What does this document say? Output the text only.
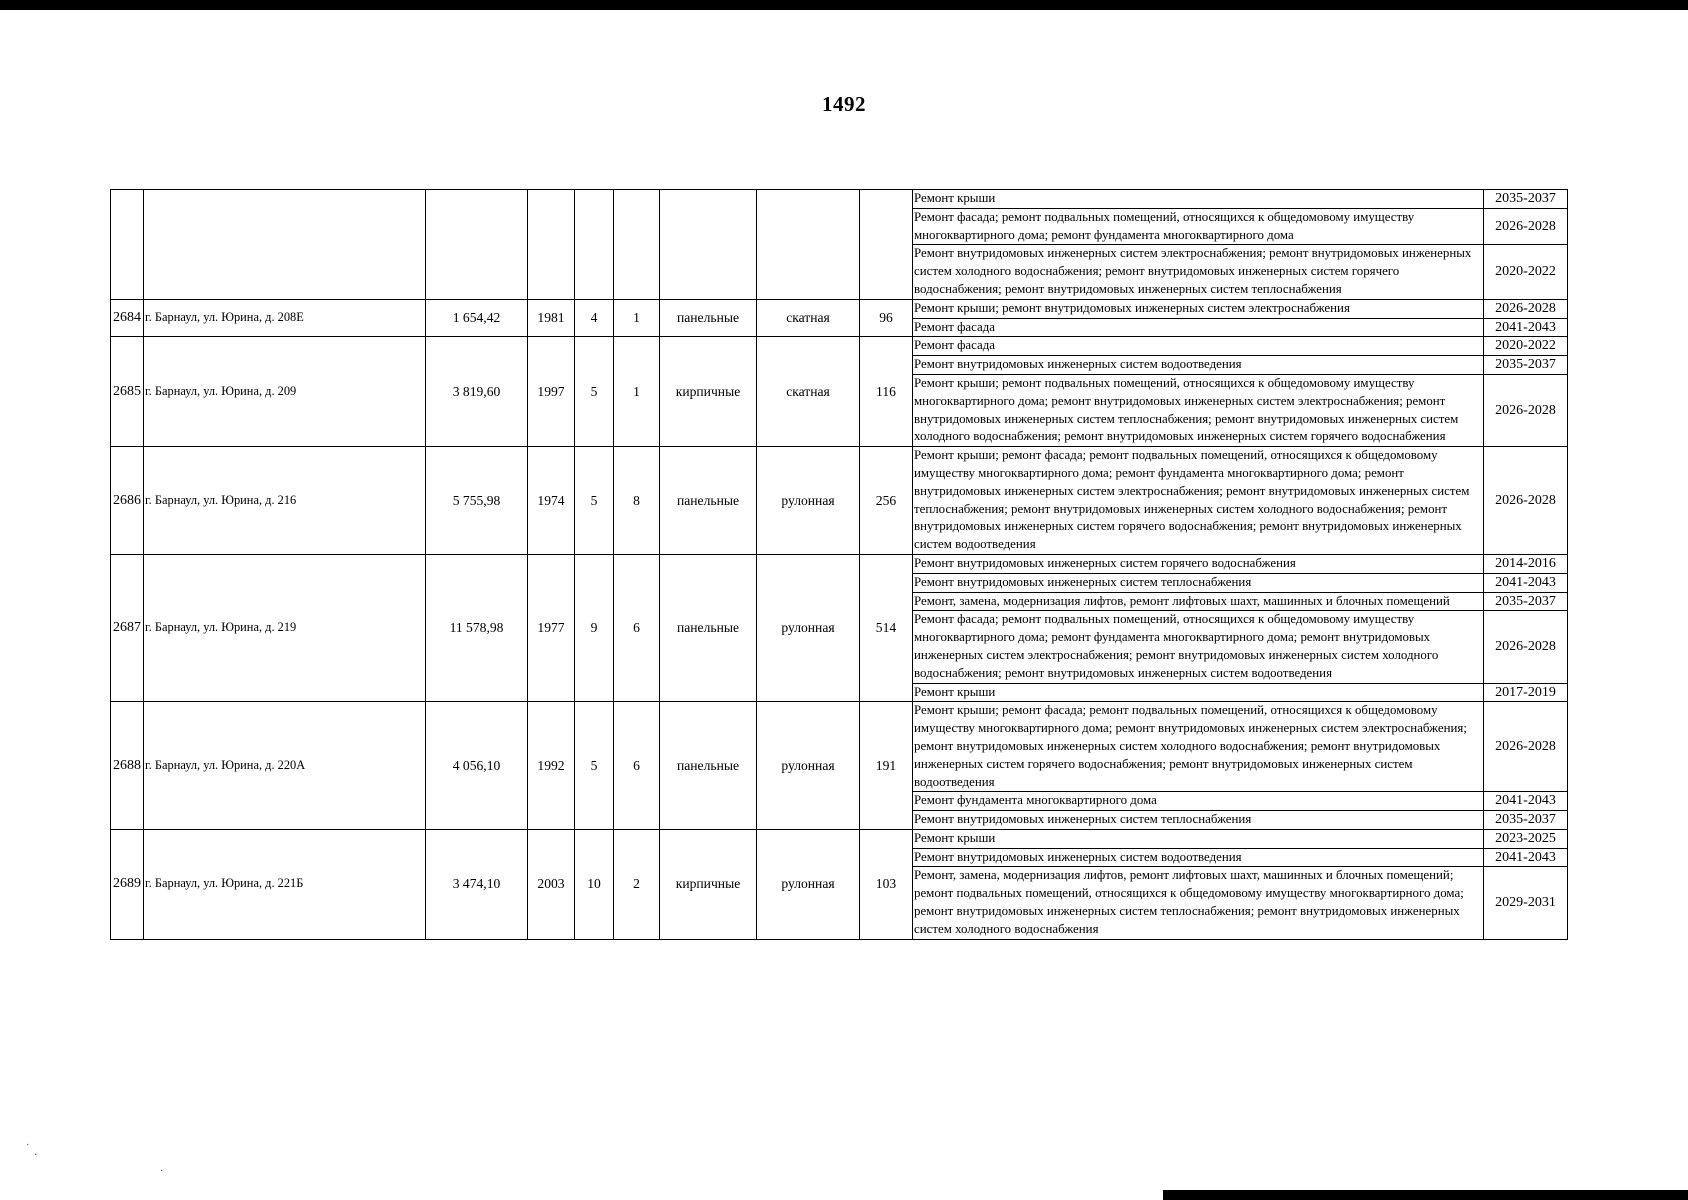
1492
									Ремонт крыши	2035-2037
									Ремонт фасада; ремонт подвальных помещений, относящихся к общедомовому имуществу многоквартирного дома; ремонт фундамента многоквартирного дома	2026-2028
									Ремонт внутридомовых инженерных систем электроснабжения; ремонт внутридомовых инженерных систем холодного водоснабжения; ремонт внутридомовых инженерных систем горячего водоснабжения; ремонт внутридомовых инженерных систем теплоснабжения	2020-2022
2684	г. Барнаул, ул. Юрина, д. 208Е	1 654,42	1981	4	1	панельные	скатная	96	Ремонт крыши; ремонт внутридомовых инженерных систем электроснабжения	2026-2028
									Ремонт фасада	2041-2043
2685	г. Барнаул, ул. Юрина, д. 209	3 819,60	1997	5	1	кирпичные	скатная	116	Ремонт фасада	2020-2022
									Ремонт внутридомовых инженерных систем водоотведения	2035-2037
									Ремонт крыши; ремонт подвальных помещений, относящихся к общедомовому имуществу многоквартирного дома; ремонт внутридомовых инженерных систем электроснабжения; ремонт внутридомовых инженерных систем теплоснабжения; ремонт внутридомовых инженерных систем холодного водоснабжения; ремонт внутридомовых инженерных систем горячего водоснабжения	2026-2028
2686	г. Барнаул, ул. Юрина, д. 216	5 755,98	1974	5	8	панельные	рулонная	256	Ремонт крыши; ремонт фасада; ремонт подвальных помещений, относящихся к общедомовому имуществу многоквартирного дома; ремонт фундамента многоквартирного дома; ремонт внутридомовых инженерных систем электроснабжения; ремонт внутридомовых инженерных систем теплоснабжения; ремонт внутридомовых инженерных систем холодного водоснабжения; ремонт внутридомовых инженерных систем горячего водоснабжения; ремонт внутридомовых инженерных систем водоотведения	2026-2028
2687	г. Барнаул, ул. Юрина, д. 219	11 578,98	1977	9	6	панельные	рулонная	514	Ремонт внутридомовых инженерных систем горячего водоснабжения	2014-2016
									Ремонт внутридомовых инженерных систем теплоснабжения	2041-2043
									Ремонт, замена, модернизация лифтов, ремонт лифтовых шахт, машинных и блочных помещений	2035-2037
									Ремонт фасада; ремонт подвальных помещений, относящихся к общедомовому имуществу многоквартирного дома; ремонт фундамента многоквартирного дома; ремонт внутридомовых инженерных систем электроснабжения; ремонт внутридомовых инженерных систем холодного водоснабжения; ремонт внутридомовых инженерных систем водоотведения	2026-2028
									Ремонт крыши	2017-2019
2688	г. Барнаул, ул. Юрина, д. 220А	4 056,10	1992	5	6	панельные	рулонная	191	Ремонт крыши; ремонт фасада; ремонт подвальных помещений, относящихся к общедомовому имуществу многоквартирного дома; ремонт внутридомовых инженерных систем электроснабжения; ремонт внутридомовых инженерных систем холодного водоснабжения; ремонт внутридомовых инженерных систем горячего водоснабжения; ремонт внутридомовых инженерных систем водоотведения	2026-2028
									Ремонт фундамента многоквартирного дома	2041-2043
									Ремонт внутридомовых инженерных систем теплоснабжения	2035-2037
2689	г. Барнаул, ул. Юрина, д. 221Б	3 474,10	2003	10	2	кирпичные	рулонная	103	Ремонт крыши	2023-2025
									Ремонт внутридомовых инженерных систем водоотведения	2041-2043
									Ремонт, замена, модернизация лифтов, ремонт лифтовых шахт, машинных и блочных помещений; ремонт подвальных помещений, относящихся к общедомовому имуществу многоквартирного дома; ремонт внутридомовых инженерных систем теплоснабжения; ремонт внутридомовых инженерных систем холодного водоснабжения	2029-2031
·
·
·
